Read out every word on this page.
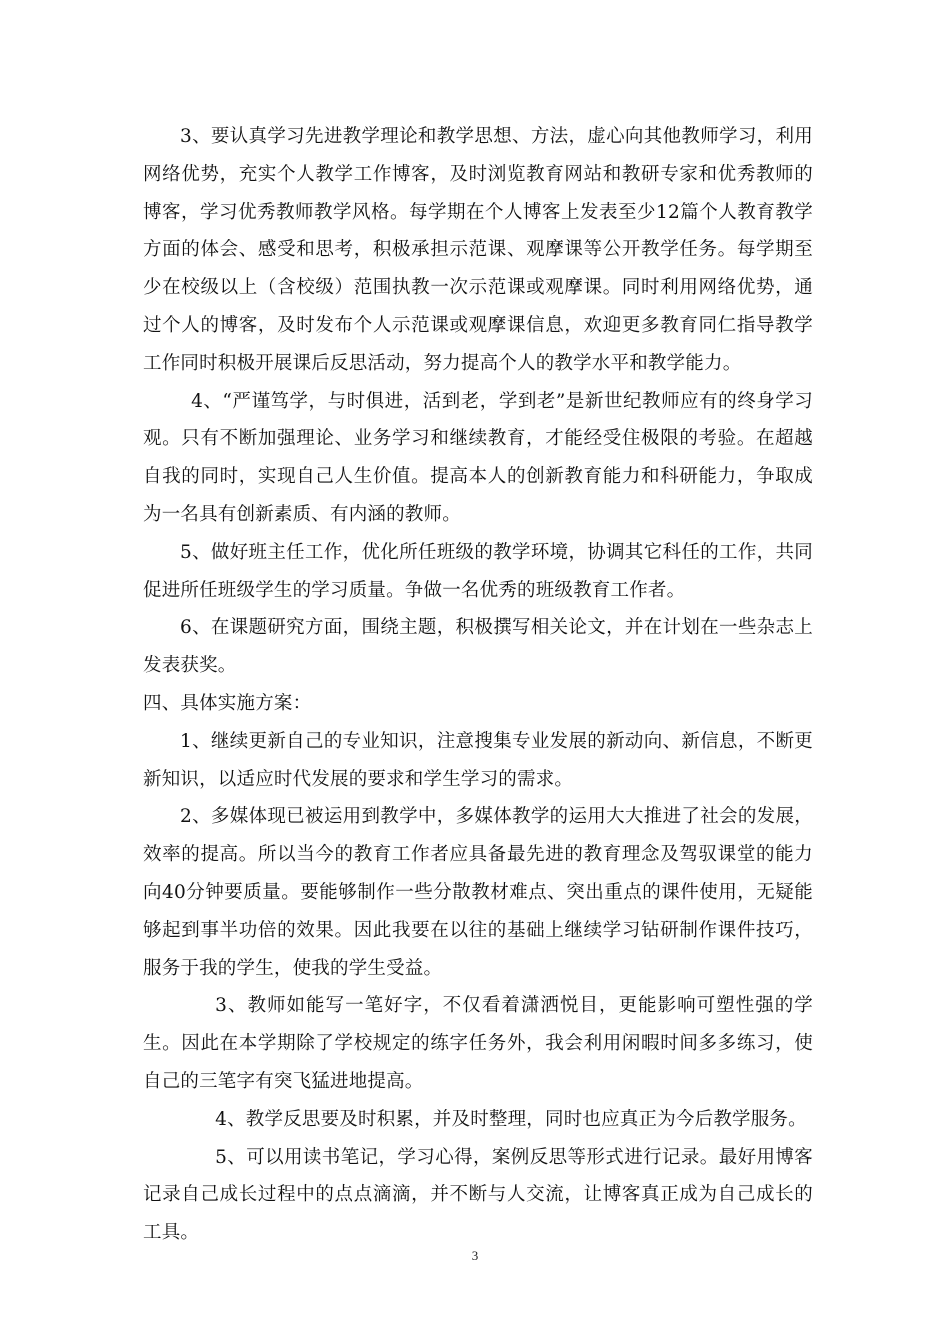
3、要认真学习先进教学理论和教学思想、方法，虚心向其他教师学习，利用网络优势，充实个人教学工作博客，及时浏览教育网站和教研专家和优秀教师的博客，学习优秀教师教学风格。每学期在个人博客上发表至少12篇个人教育教学方面的体会、感受和思考，积极承担示范课、观摩课等公开教学任务。每学期至少在校级以上（含校级）范围执教一次示范课或观摩课。同时利用网络优势，通过个人的博客，及时发布个人示范课或观摩课信息，欢迎更多教育同仁指导教学工作同时积极开展课后反思活动，努力提高个人的教学水平和教学能力。

4、“严谨笃学，与时俱进，活到老，学到老”是新世纪教师应有的终身学习观。只有不断加强理论、业务学习和继续教育，才能经受住极限的考验。在超越自我的同时，实现自己人生价值。提高本人的创新教育能力和科研能力，争取成为一名具有创新素质、有内涵的教师。

5、做好班主任工作，优化所任班级的教学环境，协调其它科任的工作，共同促进所任班级学生的学习质量。争做一名优秀的班级教育工作者。

6、在课题研究方面，围绕主题，积极撰写相关论文，并在计划在一些杂志上发表获奖。

四、具体实施方案：

1、继续更新自己的专业知识，注意搜集专业发展的新动向、新信息，不断更新知识，以适应时代发展的要求和学生学习的需求。

2、多媒体现已被运用到教学中，多媒体教学的运用大大推进了社会的发展，效率的提高。所以当今的教育工作者应具备最先进的教育理念及驾驭课堂的能力向40分钟要质量。要能够制作一些分散教材难点、突出重点的课件使用，无疑能够起到事半功倍的效果。因此我要在以往的基础上继续学习钻研制作课件技巧，服务于我的学生，使我的学生受益。

3、教师如能写一笔好字，不仅看着潇洒悦目，更能影响可塑性强的学生。因此在本学期除了学校规定的练字任务外，我会利用闲暇时间多多练习，使自己的三笔字有突飞猛进地提高。

4、教学反思要及时积累，并及时整理，同时也应真正为今后教学服务。

5、可以用读书笔记，学习心得，案例反思等形式进行记录。最好用博客记录自己成长过程中的点点滴滴，并不断与人交流，让博客真正成为自己成长的工具。

3
